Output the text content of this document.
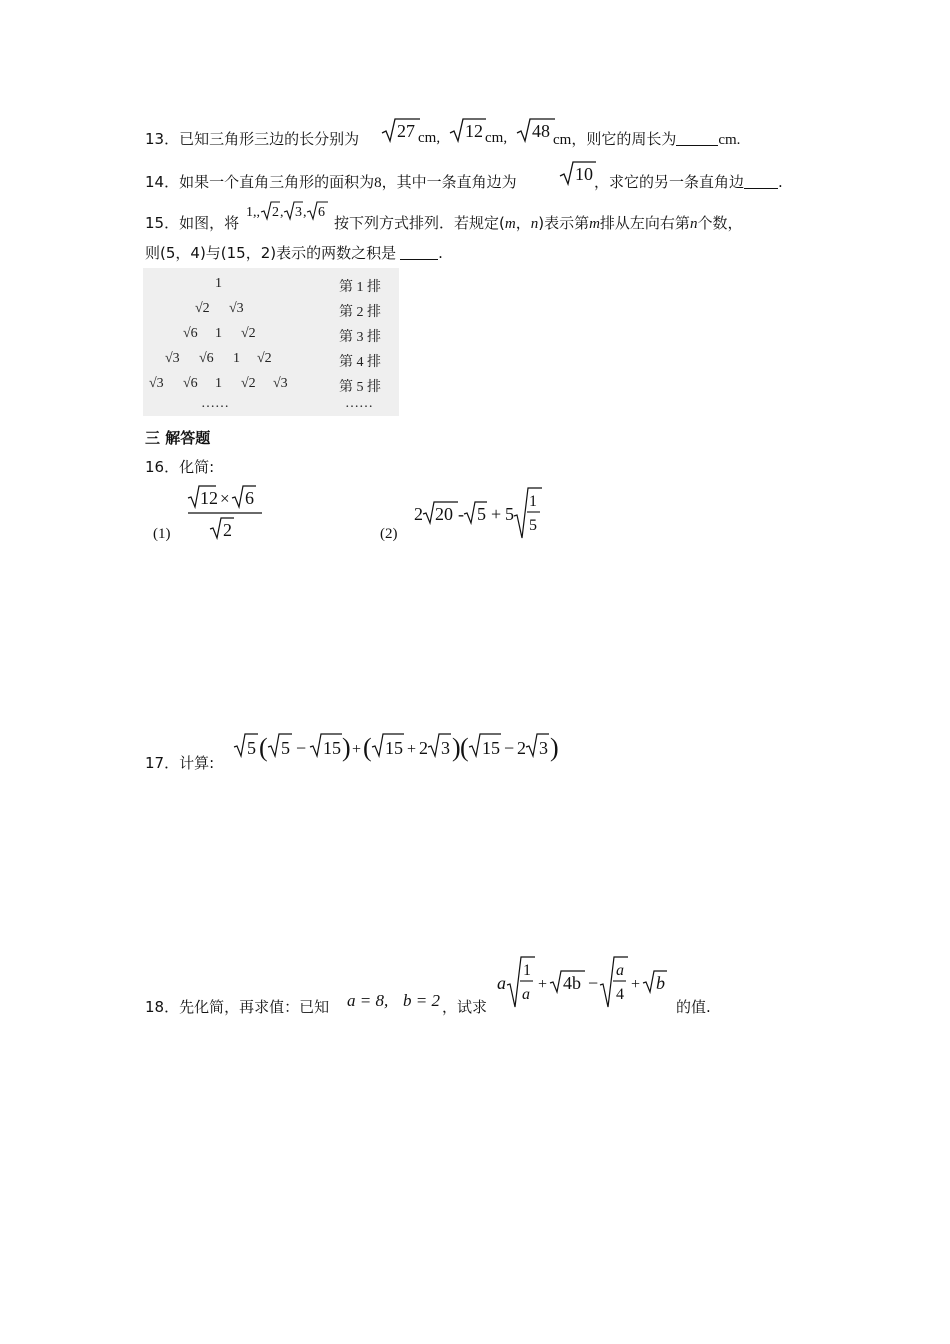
13．已知三角形三边的长分别为 27 cm, 12 cm, 48 cm，则它的周长为	cm.
14．如果一个直角三角形的面积为8，其中一条直角边为	10 ，求它的另一条直角边 .
15．如图，将
1 ,, 2 , 3 , 6
按下列方式排列．若规定(m，n)表示第m排从左向右第n个数，
则(5，4)与(15，2)表示的两数之积是	.
1	第 1 排
√2 √3	第 2 排
√6 1 √2	第 3 排
√3 √6 1 √2	第 4 排
√3 √6 1 √2 √3	第 5 排
……	……
三 解答题
16．化简:
(1)
12 × 6
2	(2)
2 20 - 5 + 5
1
5
17．计算:
5 ( 5 − 15 ) + ( 15 + 2 3 ) ( 15 − 2 3 )
18．先化简，再求值：已知 a = 8, b = 2 ，试求
a
1
a
+ 4b −
a
4
+ b
的值.
